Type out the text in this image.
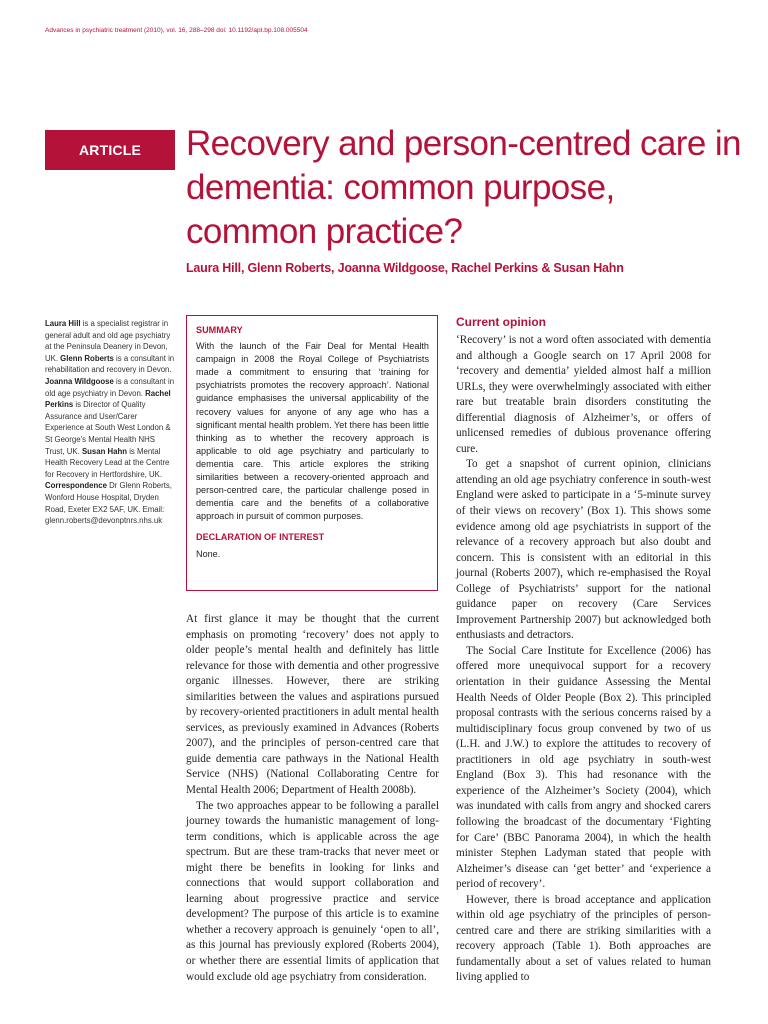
Advances in psychiatric treatment (2010), vol. 16, 288–298 doi: 10.1192/apt.bp.108.005504
ARTICLE	Recovery and person-centred care in dementia: common purpose, common practice?
Laura Hill, Glenn Roberts, Joanna Wildgoose, Rachel Perkins & Susan Hahn

Laura Hill is a specialist registrar in general adult and old age psychiatry at the Peninsula Deanery in Devon, UK. Glenn Roberts is a consultant in rehabilitation and recovery in Devon. Joanna Wildgoose is a consultant in old age psychiatry in Devon. Rachel Perkins is Director of Quality Assurance and User/Carer Experience at South West London & St George’s Mental Health NHS Trust, UK. Susan Hahn is Mental Health Recovery Lead at the Centre for Recovery in Hertfordshire, UK.

Correspondence Dr Glenn Roberts, Wonford House Hospital, Dryden Road, Exeter EX2 5AF, UK. Email: glenn.roberts@devonptnrs.nhs.uk

SUMMARY

With the launch of the Fair Deal for Mental Health campaign in 2008 the Royal College of Psychiatrists made a commitment to ensuring that ‘training for psychiatrists promotes the recovery approach’. National guidance emphasises the universal applicability of the recovery values for anyone of any age who has a significant mental health problem. Yet there has been little thinking as to whether the recovery approach is applicable to old age psychiatry and particularly to dementia care. This article explores the striking similarities between a recovery-oriented approach and person-centred care, the particular challenge posed in dementia care and the benefits of a collaborative approach in pursuit of common purposes.

DECLARATION OF INTEREST

None.

At first glance it may be thought that the current emphasis on promoting ‘recovery’ does not apply to older people’s mental health and definitely has little relevance for those with dementia and other progressive organic illnesses. However, there are striking similarities between the values and aspirations pursued by recovery-oriented practitioners in adult mental health services, as previously examined in Advances (Roberts 2007), and the principles of person-centred care that guide dementia care pathways in the National Health Service (NHS) (National Collaborating Centre for Mental Health 2006; Department of Health 2008b).

The two approaches appear to be following a parallel journey towards the humanistic management of long-term conditions, which is applicable across the age spectrum. But are these tram-tracks that never meet or might there be benefits in looking for links and connections that would support collaboration and learning about progressive practice and service development? The purpose of this article is to examine whether a recovery approach is genuinely ‘open to all’, as this journal has previously explored (Roberts 2004), or whether there are essential limits of application that would exclude old age psychiatry from consideration.

Current opinion

‘Recovery’ is not a word often associated with dementia and although a Google search on 17 April 2008 for ‘recovery and dementia’ yielded almost half a million URLs, they were overwhelmingly associated with either rare but treatable brain disorders constituting the differential diagnosis of Alzheimer’s, or offers of unlicensed remedies of dubious provenance offering cure.

To get a snapshot of current opinion, clinicians attending an old age psychiatry conference in south-west England were asked to participate in a ‘5-minute survey of their views on recovery’ (Box 1). This shows some evidence among old age psychiatrists in support of the relevance of a recovery approach but also doubt and concern. This is consistent with an editorial in this journal (Roberts 2007), which re-emphasised the Royal College of Psychiatrists’ support for the national guidance paper on recovery (Care Services Improvement Partnership 2007) but acknowledged both enthusiasts and detractors.

The Social Care Institute for Excellence (2006) has offered more unequivocal support for a recovery orientation in their guidance Assessing the Mental Health Needs of Older People (Box 2). This principled proposal contrasts with the serious concerns raised by a multidisciplinary focus group convened by two of us (L.H. and J.W.) to explore the attitudes to recovery of practitioners in old age psychiatry in south-west England (Box 3). This had resonance with the experience of the Alzheimer’s Society (2004), which was inundated with calls from angry and shocked carers following the broadcast of the documentary ‘Fighting for Care’ (BBC Panorama 2004), in which the health minister Stephen Ladyman stated that people with Alzheimer’s disease can ‘get better’ and ‘experience a period of recovery’.

However, there is broad acceptance and application within old age psychiatry of the principles of person-centred care and there are striking similarities with a recovery approach (Table 1). Both approaches are fundamentally about a set of values related to human living applied to
